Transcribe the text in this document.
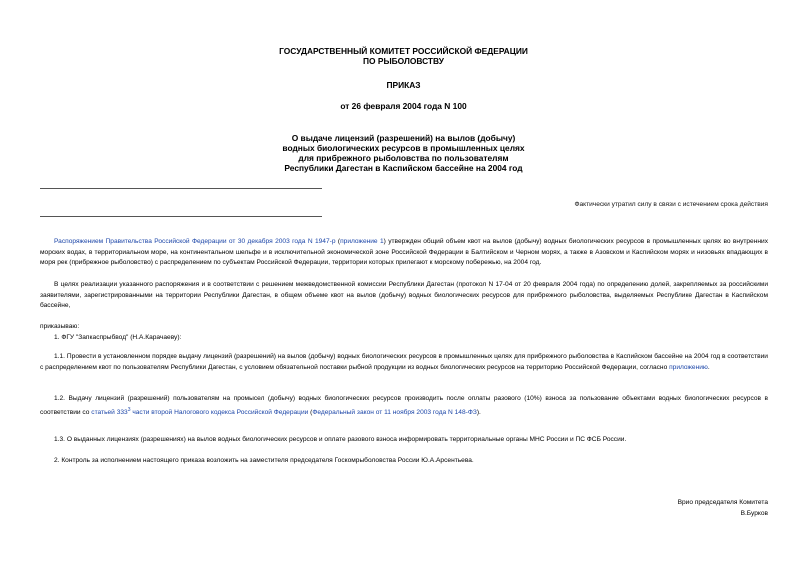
ГОСУДАРСТВЕННЫЙ КОМИТЕТ РОССИЙСКОЙ ФЕДЕРАЦИИ
ПО РЫБОЛОВСТВУ
ПРИКАЗ
от 26 февраля 2004 года N 100
О выдаче лицензий (разрешений) на вылов (добычу)
водных биологических ресурсов в промышленных целях
для прибрежного рыболовства по пользователям
Республики Дагестан в Каспийском бассейне на 2004 год
Фактически утратил силу в связи с истечением срока действия
Распоряжением Правительства Российской Федерации от 30 декабря 2003 года N 1947-р (приложение 1) утвержден общий объем квот на вылов (добычу) водных биологических ресурсов в промышленных целях во внутренних морских водах, в территориальном море, на континентальном шельфе и в исключительной экономической зоне Российской Федерации в Балтийском и Черном морях, а также в Азовском и Каспийском морях и низовьях впадающих в моря рек (прибрежное рыболовство) с распределением по субъектам Российской Федерации, территории которых прилегают к морскому побережью, на 2004 год.
В целях реализации указанного распоряжения и в соответствии с решением межведомственной комиссии Республики Дагестан (протокол N 17-04 от 20 февраля 2004 года) по определению долей, закрепляемых за российскими заявителями, зарегистрированными на территории Республики Дагестан, в общем объеме квот на вылов (добычу) водных биологических ресурсов для прибрежного рыболовства, выделяемых Республике Дагестан в Каспийском бассейне,
приказываю:
1. ФГУ "Запкаспрыбвод" (Н.А.Карачаеву):
1.1. Провести в установленном порядке выдачу лицензий (разрешений) на вылов (добычу) водных биологических ресурсов в промышленных целях для прибрежного рыболовства в Каспийском бассейне на 2004 год в соответствии с распределением квот по пользователям Республики Дагестан, с условием обязательной поставки рыбной продукции из водных биологических ресурсов на территорию Российской Федерации, согласно приложению.
1.2. Выдачу лицензий (разрешений) пользователям на промысел (добычу) водных биологических ресурсов производить после оплаты разового (10%) взноса за пользование объектами водных биологических ресурсов в соответствии со статьей $333^3$ части второй Налогового кодекса Российской Федерации (Федеральный закон от 11 ноября 2003 года N 148-ФЗ).
1.3. О выданных лицензиях (разрешениях) на вылов водных биологических ресурсов и оплате разового взноса информировать территориальные органы МНС России и ПС ФСБ России.
2. Контроль за исполнением настоящего приказа возложить на заместителя председателя Госкомрыболовства России Ю.А.Арсентьева.
Врио председателя Комитета
В.Бурков
